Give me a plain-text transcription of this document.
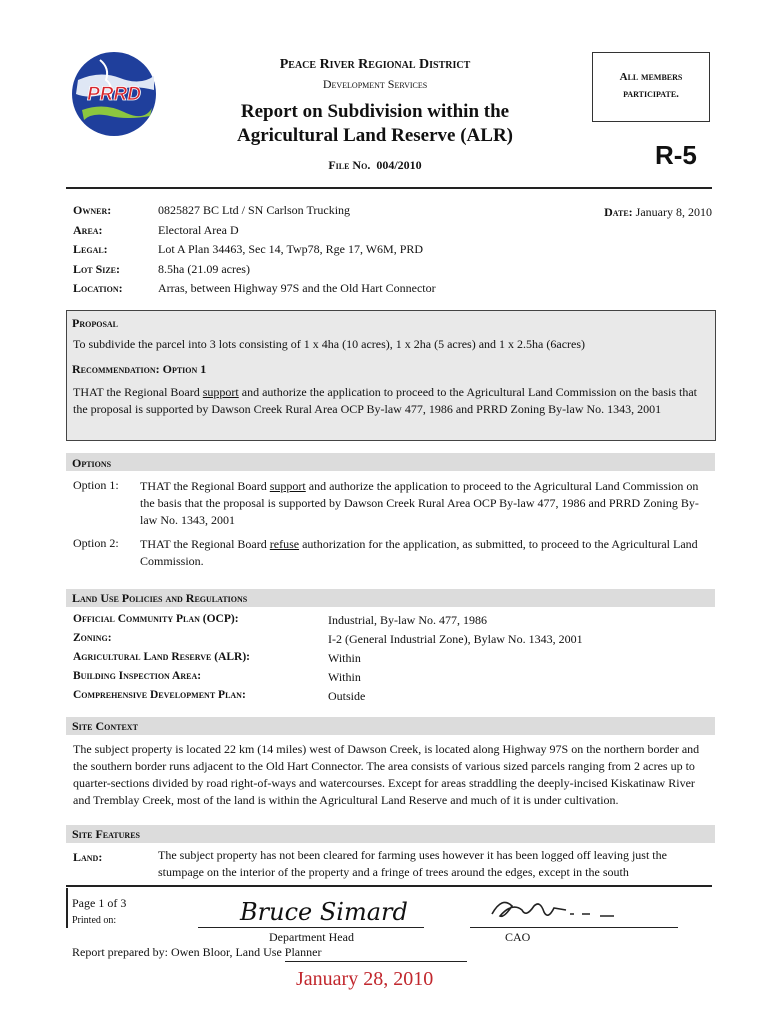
PRRD
Peace River Regional District
Development Services
Report on Subdivision within the
Agricultural Land Reserve (ALR)
File No. 004/2010
All members
participate.
R-5
Owner:	0825827 BC Ltd / SN Carlson Trucking
Area:	Electoral Area D
Legal:	Lot A Plan 34463, Sec 14, Twp78, Rge 17, W6M, PRD
Lot Size:	8.5ha (21.09 acres)
Location:	Arras, between Highway 97S and the Old Hart Connector
Date: January 8, 2010
Proposal
To subdivide the parcel into 3 lots consisting of 1 x 4ha (10 acres), 1 x 2ha (5 acres) and 1 x 2.5ha (6acres)
Recommendation: Option 1
THAT the Regional Board support and authorize the application to proceed to the Agricultural Land Commission on the basis that the proposal is supported by Dawson Creek Rural Area OCP By-law 477, 1986 and PRRD Zoning By-law No. 1343, 2001
Options
Option 1: THAT the Regional Board support and authorize the application to proceed to the Agricultural Land Commission on the basis that the proposal is supported by Dawson Creek Rural Area OCP By-law 477, 1986 and PRRD Zoning By-law No. 1343, 2001
Option 2: THAT the Regional Board refuse authorization for the application, as submitted, to proceed to the Agricultural Land Commission.
Land Use Policies and Regulations
Official Community Plan (OCP):	Industrial, By-law No. 477, 1986
Zoning:	I-2 (General Industrial Zone), Bylaw No. 1343, 2001
Agricultural Land Reserve (ALR):	Within
Building Inspection Area:	Within
Comprehensive Development Plan:	Outside
Site Context
The subject property is located 22 km (14 miles) west of Dawson Creek, is located along Highway 97S on the northern border and the southern border runs adjacent to the Old Hart Connector. The area consists of various sized parcels ranging from 2 acres up to quarter-sections divided by road right-of-ways and watercourses. Except for areas straddling the deeply-incised Kiskatinaw River and Tremblay Creek, most of the land is within the Agricultural Land Reserve and much of it is under cultivation.
Site Features
Land:	The subject property has not been cleared for farming uses however it has been logged off leaving just the stumpage on the interior of the property and a fringe of trees around the edges, except in the south
Page 1 of 3
Printed on:	Bruce Simard
Department Head	CAO
Report prepared by: Owen Bloor, Land Use Planner
January 28, 2010
